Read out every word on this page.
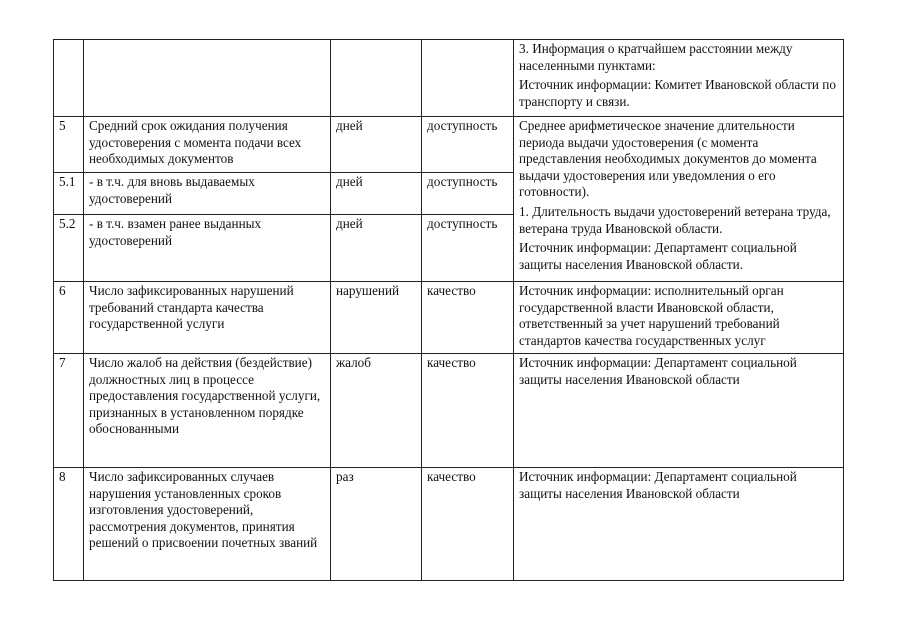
				3. Информация о кратчайшем расстоянии между населенными пунктами:

Источник информации: Комитет Ивановской области по транспорту и связи.

5	Средний срок ожидания получения удостоверения с момента подачи всех необходимых документов	дней	доступность	Среднее арифметическое значение длительности периода выдачи удостоверения (с момента представления необходимых документов до момента выдачи удостоверения или уведомления о его готовности).

1. Длительность выдачи удостоверений ветерана труда, ветерана труда Ивановской области.

Источник информации: Департамент социальной защиты населения Ивановской области.

5.1	- в т.ч. для вновь выдаваемых удостоверений	дней	доступность	
5.2	- в т.ч. взамен ранее выданных удостоверений	дней	доступность	
6	Число зафиксированных нарушений требований стандарта качества государственной услуги	нарушений	качество	Источник информации: исполнительный орган государственной власти Ивановской области, ответственный за учет нарушений требований стандартов качества государственных услуг
7	Число жалоб на действия (бездействие) должностных лиц в процессе предоставления государственной услуги, признанных в установленном порядке обоснованными	жалоб	качество	Источник информации: Департамент социальной защиты населения Ивановской области
8	Число зафиксированных случаев нарушения установленных сроков изготовления удостоверений, рассмотрения документов, принятия решений о присвоении почетных званий	раз	качество	Источник информации: Департамент социальной защиты населения Ивановской области
